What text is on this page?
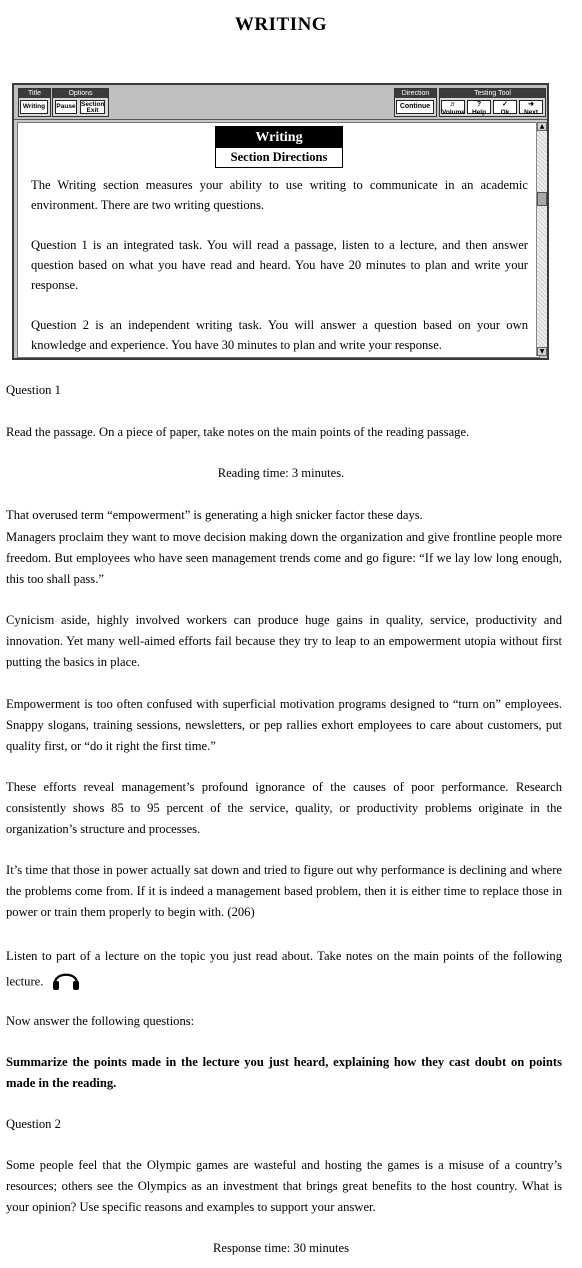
WRITING
Title
Writing
Options
Pause Section
Exit
Direction
Continue
Testing Tool
♬
Volume
?
Help
✓
Ok
➜
Next
Writing
Section Directions

The Writing section measures your ability to use writing to communicate in an academic environment. There are two writing questions.

Question 1 is an integrated task. You will read a passage, listen to a lecture, and then answer question based on what you have read and heard. You have 20 minutes to plan and write your response.

Question 2 is an independent writing task. You will answer a question based on your own knowledge and experience. You have 30 minutes to plan and write your response.

▲
▼

Question 1

Read the passage. On a piece of paper, take notes on the main points of the reading passage.

Reading time: 3 minutes.

That overused term “empowerment” is generating a high snicker factor these days.

Managers proclaim they want to move decision making down the organization and give frontline people more freedom. But employees who have seen management trends come and go figure: “If we lay low long enough, this too shall pass.”

Cynicism aside, highly involved workers can produce huge gains in quality, service, productivity and innovation. Yet many well-aimed efforts fail because they try to leap to an empowerment utopia without first putting the basics in place.

Empowerment is too often confused with superficial motivation programs designed to “turn on” employees. Snappy slogans, training sessions, newsletters, or pep rallies exhort employees to care about customers, put quality first, or “do it right the first time.”

These efforts reveal management’s profound ignorance of the causes of poor performance. Research consistently shows 85 to 95 percent of the service, quality, or productivity problems originate in the organization’s structure and processes.

It’s time that those in power actually sat down and tried to figure out why performance is declining and where the problems come from. If it is indeed a management based problem, then it is either time to replace those in power or train them properly to begin with. (206)

Listen to part of a lecture on the topic you just read about. Take notes on the main points of the following lecture.

Now answer the following questions:

Summarize the points made in the lecture you just heard, explaining how they cast doubt on points made in the reading.

Question 2

Some people feel that the Olympic games are wasteful and hosting the games is a misuse of a country’s resources; others see the Olympics as an investment that brings great benefits to the host country. What is your opinion? Use specific reasons and examples to support your answer.

Response time: 30 minutes
